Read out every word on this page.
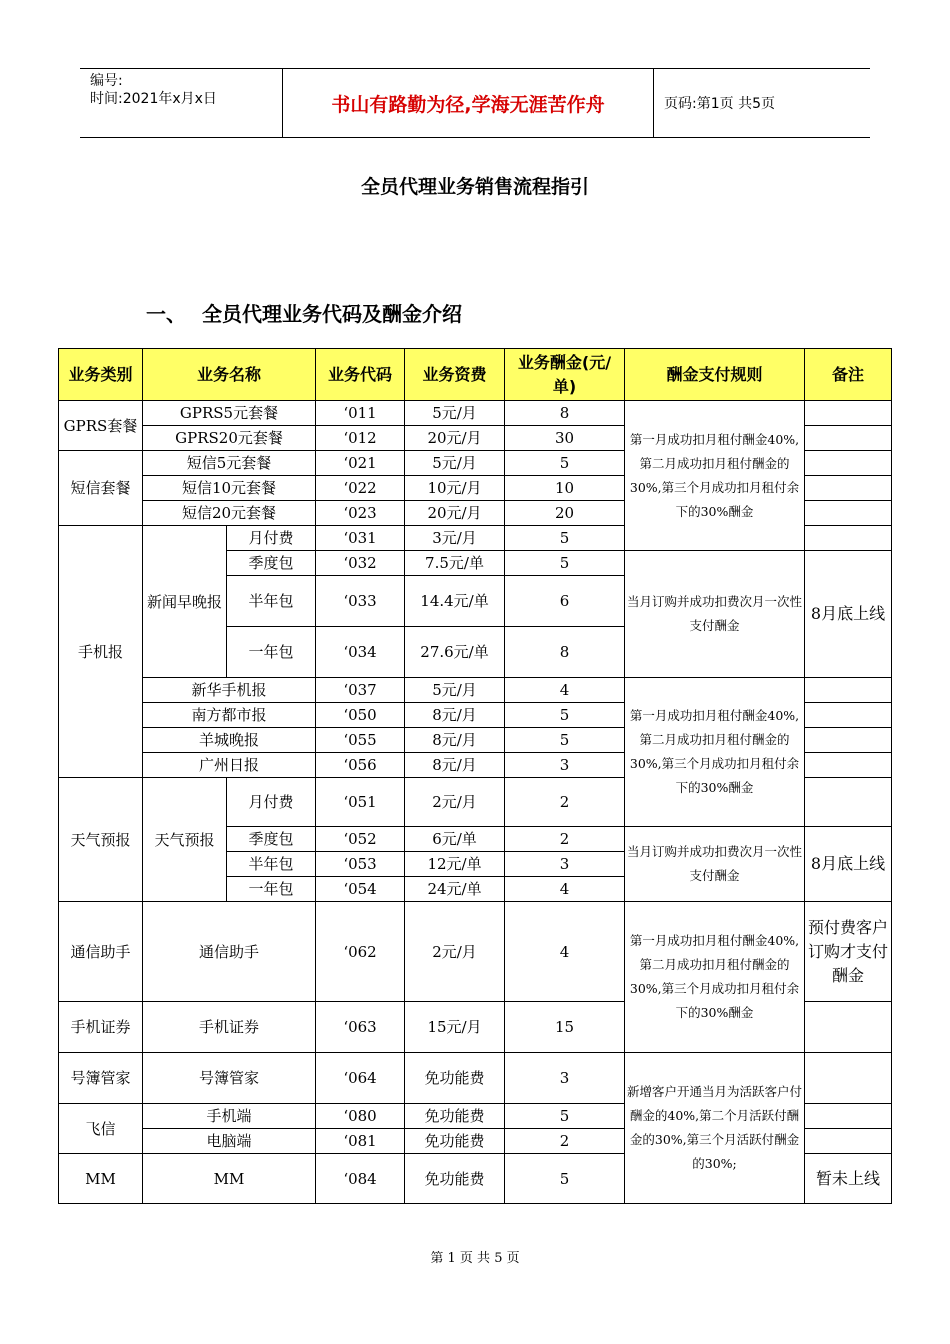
编号:
时间:2021年x月x日	书山有路勤为径,学海无涯苦作舟	页码:第1页 共5页
全员代理业务销售流程指引
一、 全员代理业务代码及酬金介绍
业务类别	业务名称		业务代码	业务资费	业务酬金(元/单)	酬金支付规则	备注
GPRS套餐	GPRS5元套餐		‘011	5元/月	8	第一月成功扣月租付酬金40%,第二月成功扣月租付酬金的30%,第三个月成功扣月租付余下的30%酬金	
	GPRS20元套餐		‘012	20元/月	30		
短信套餐	短信5元套餐		‘021	5元/月	5		
	短信10元套餐		‘022	10元/月	10		
	短信20元套餐		‘023	20元/月	20		
手机报	新闻早晚报	月付费	‘031	3元/月	5		
		季度包	‘032	7.5元/单	5	当月订购并成功扣费次月一次性支付酬金	8月底上线
		半年包	‘033	14.4元/单	6		
		一年包	‘034	27.6元/单	8		
	新华手机报		‘037	5元/月	4	第一月成功扣月租付酬金40%,第二月成功扣月租付酬金的30%,第三个月成功扣月租付余下的30%酬金	
	南方都市报		‘050	8元/月	5		
	羊城晚报		‘055	8元/月	5		
	广州日报		‘056	8元/月	3		
天气预报	天气预报	月付费	‘051	2元/月	2		
		季度包	‘052	6元/单	2	当月订购并成功扣费次月一次性支付酬金	8月底上线
		半年包	‘053	12元/单	3		
		一年包	‘054	24元/单	4		
通信助手	通信助手		‘062	2元/月	4	第一月成功扣月租付酬金40%,第二月成功扣月租付酬金的30%,第三个月成功扣月租付余下的30%酬金	预付费客户订购才支付酬金
手机证券	手机证券		‘063	15元/月	15		
号簿管家	号簿管家		‘064	免功能费	3	新增客户开通当月为活跃客户付酬金的40%,第二个月活跃付酬金的30%,第三个月活跃付酬金的30%;	
飞信	手机端		‘080	免功能费	5		
	电脑端		‘081	免功能费	2		
MM	MM		‘084	免功能费	5		暂未上线
第 1 页 共 5 页
